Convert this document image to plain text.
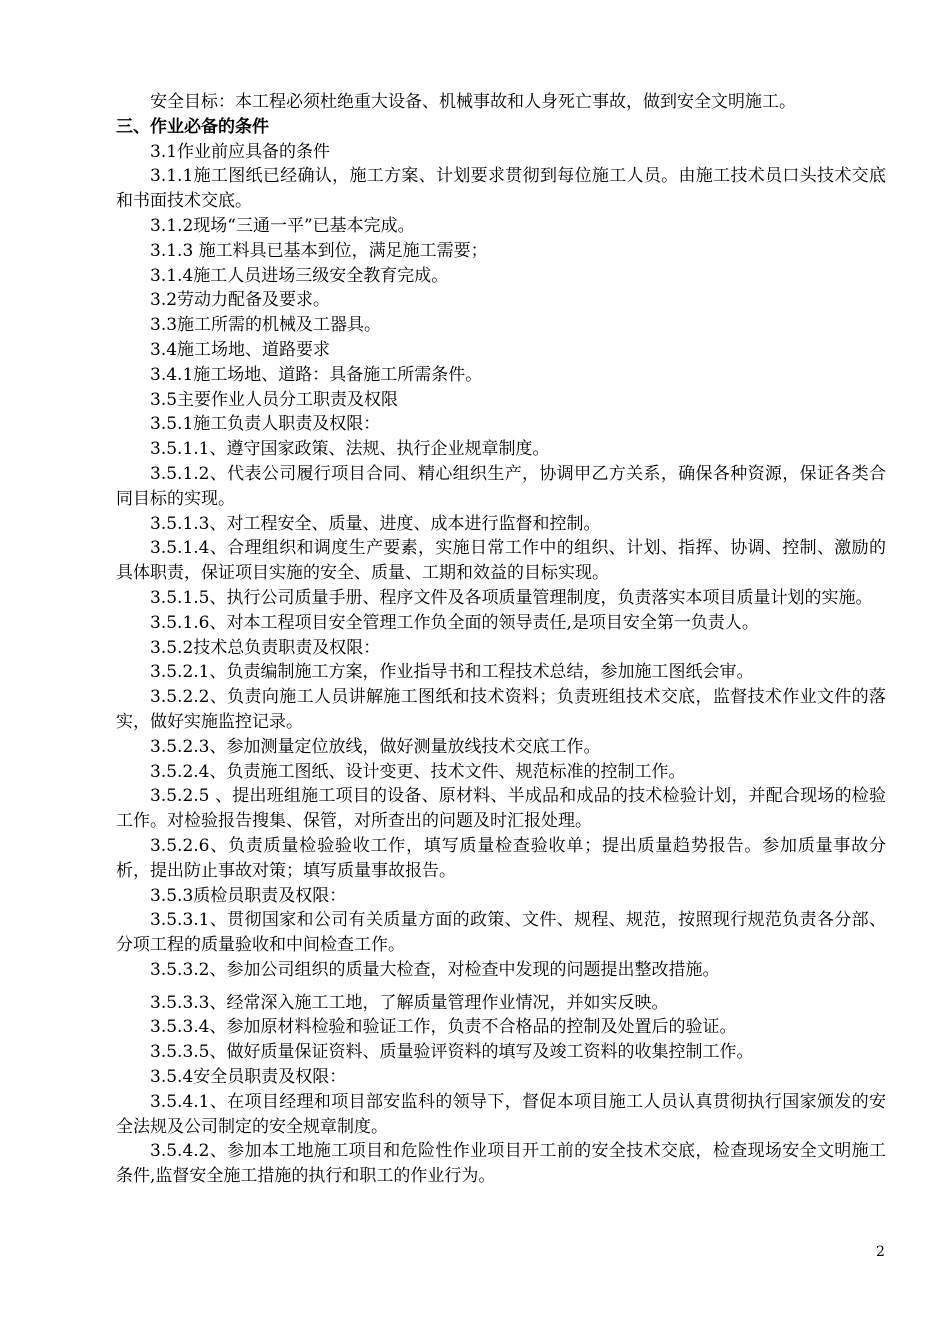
安全目标：本工程必须杜绝重大设备、机械事故和人身死亡事故，做到安全文明施工。

三、作业必备的条件

3.1作业前应具备的条件

3.1.1施工图纸已经确认，施工方案、计划要求贯彻到每位施工人员。由施工技术员口头技术交底和书面技术交底。

3.1.2现场“三通一平”已基本完成。

3.1.3 施工料具已基本到位，满足施工需要；

3.1.4施工人员进场三级安全教育完成。

3.2劳动力配备及要求。

3.3施工所需的机械及工器具。

3.4施工场地、道路要求

3.4.1施工场地、道路：具备施工所需条件。

3.5主要作业人员分工职责及权限

3.5.1施工负责人职责及权限：

3.5.1.1、遵守国家政策、法规、执行企业规章制度。

3.5.1.2、代表公司履行项目合同、精心组织生产，协调甲乙方关系，确保各种资源，保证各类合同目标的实现。

3.5.1.3、对工程安全、质量、进度、成本进行监督和控制。

3.5.1.4、合理组织和调度生产要素，实施日常工作中的组织、计划、指挥、协调、控制、激励的具体职责，保证项目实施的安全、质量、工期和效益的目标实现。

3.5.1.5、执行公司质量手册、程序文件及各项质量管理制度，负责落实本项目质量计划的实施。

3.5.1.6、对本工程项目安全管理工作负全面的领导责任,是项目安全第一负责人。

3.5.2技术总负责职责及权限：

3.5.2.1、负责编制施工方案，作业指导书和工程技术总结，参加施工图纸会审。

3.5.2.2、负责向施工人员讲解施工图纸和技术资料；负责班组技术交底，监督技术作业文件的落实，做好实施监控记录。

3.5.2.3、参加测量定位放线，做好测量放线技术交底工作。

3.5.2.4、负责施工图纸、设计变更、技术文件、规范标准的控制工作。

3.5.2.5 、提出班组施工项目的设备、原材料、半成品和成品的技术检验计划，并配合现场的检验工作。对检验报告搜集、保管，对所查出的问题及时汇报处理。

3.5.2.6、负责质量检验验收工作，填写质量检查验收单；提出质量趋势报告。参加质量事故分析，提出防止事故对策；填写质量事故报告。

3.5.3质检员职责及权限：

3.5.3.1、贯彻国家和公司有关质量方面的政策、文件、规程、规范，按照现行规范负责各分部、分项工程的质量验收和中间检查工作。

3.5.3.2、参加公司组织的质量大检查，对检查中发现的问题提出整改措施。

3.5.3.3、经常深入施工工地，了解质量管理作业情况，并如实反映。

3.5.3.4、参加原材料检验和验证工作，负责不合格品的控制及处置后的验证。

3.5.3.5、做好质量保证资料、质量验评资料的填写及竣工资料的收集控制工作。

3.5.4安全员职责及权限：

3.5.4.1、在项目经理和项目部安监科的领导下，督促本项目施工人员认真贯彻执行国家颁发的安全法规及公司制定的安全规章制度。

3.5.4.2、参加本工地施工项目和危险性作业项目开工前的安全技术交底，检查现场安全文明施工条件,监督安全施工措施的执行和职工的作业行为。

2
